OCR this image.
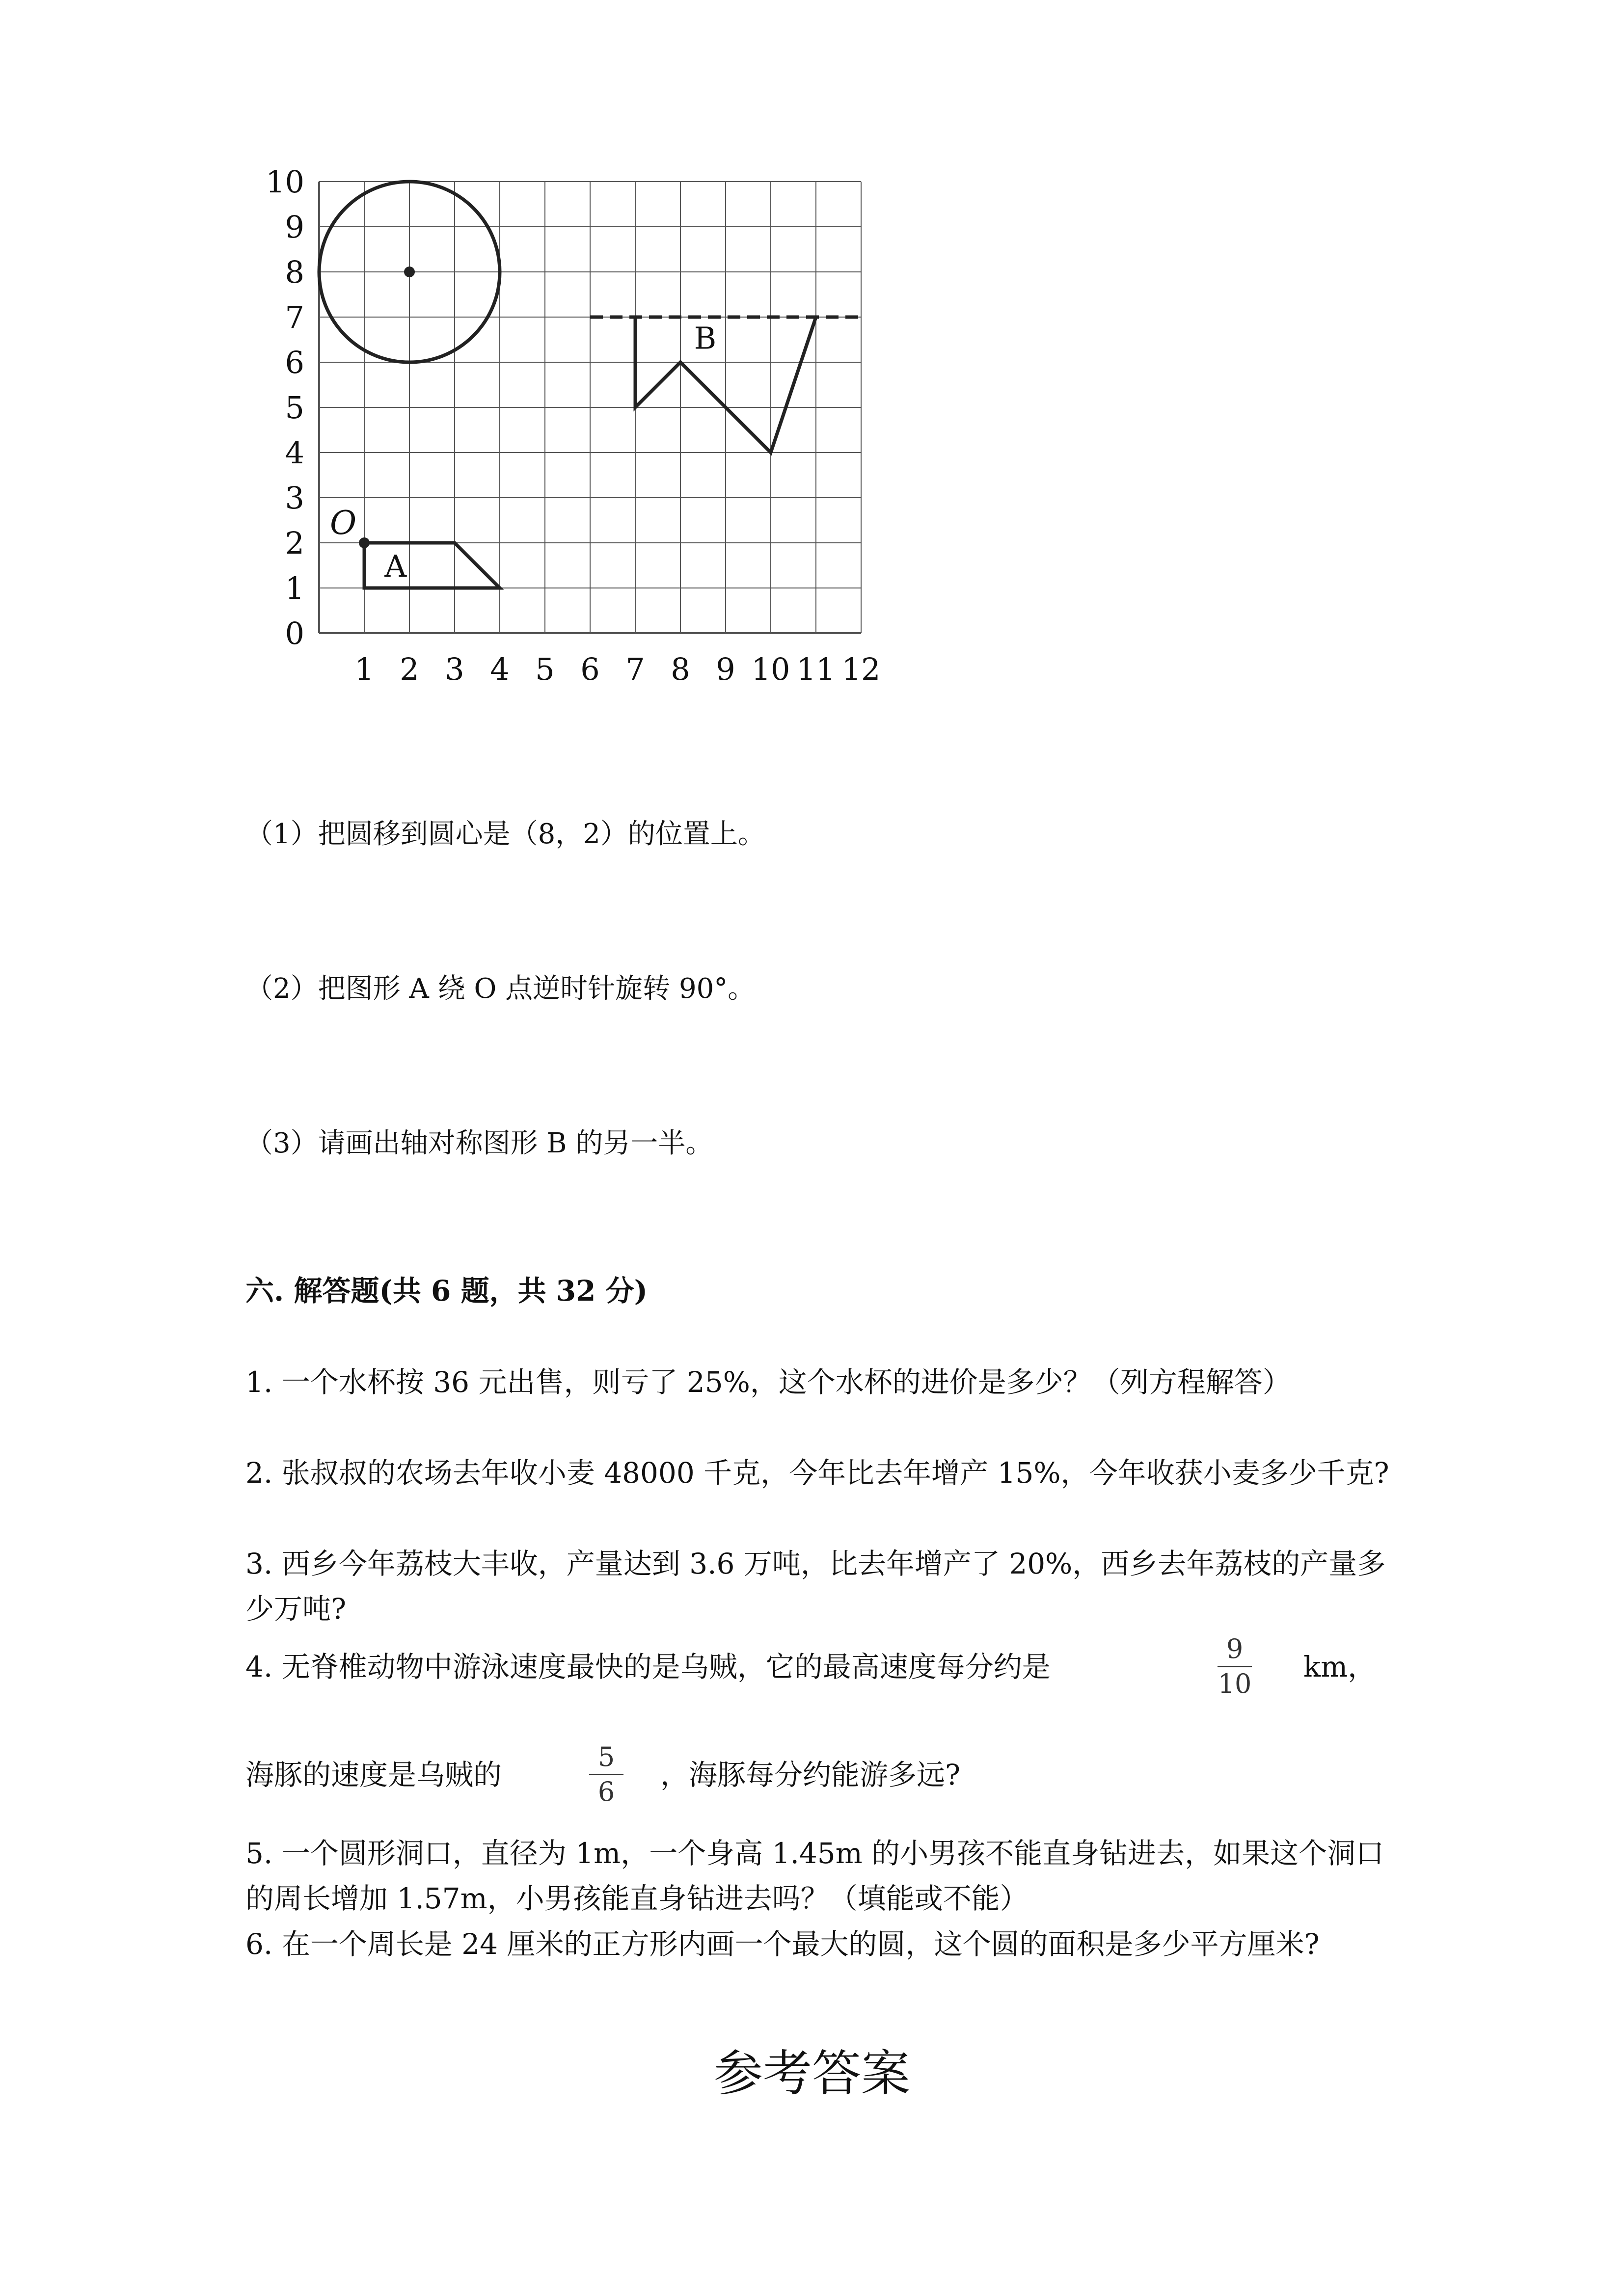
0
1
2
3
4
5
6
7
8
9
10
1 2 3 4 5 6 7 8 9 10 11 12
O
A
B
（1）把圆移到圆心是（8，2）的位置上。
（2）把图形 A 绕 O 点逆时针旋转 90°。
（3）请画出轴对称图形 B 的另一半。
六. 解答题(共 6 题，共 32 分)
1. 一个水杯按 36 元出售，则亏了 25%，这个水杯的进价是多少？（列方程解答）
2. 张叔叔的农场去年收小麦 48000 千克，今年比去年增产 15%，今年收获小麦多少千克?
3. 西乡今年荔枝大丰收，产量达到 3.6 万吨，比去年增产了 20%，西乡去年荔枝的产量多少万吨?
4. 无脊椎动物中游泳速度最快的是乌贼，它的最高速度每分约是
9
10
km，
海豚的速度是乌贼的
5
6
，海豚每分约能游多远?
5. 一个圆形洞口，直径为 1m，一个身高 1.45m 的小男孩不能直身钻进去，如果这个洞口的周长增加 1.57m，小男孩能直身钻进去吗？（填能或不能）
6. 在一个周长是 24 厘米的正方形内画一个最大的圆，这个圆的面积是多少平方厘米?
参考答案
